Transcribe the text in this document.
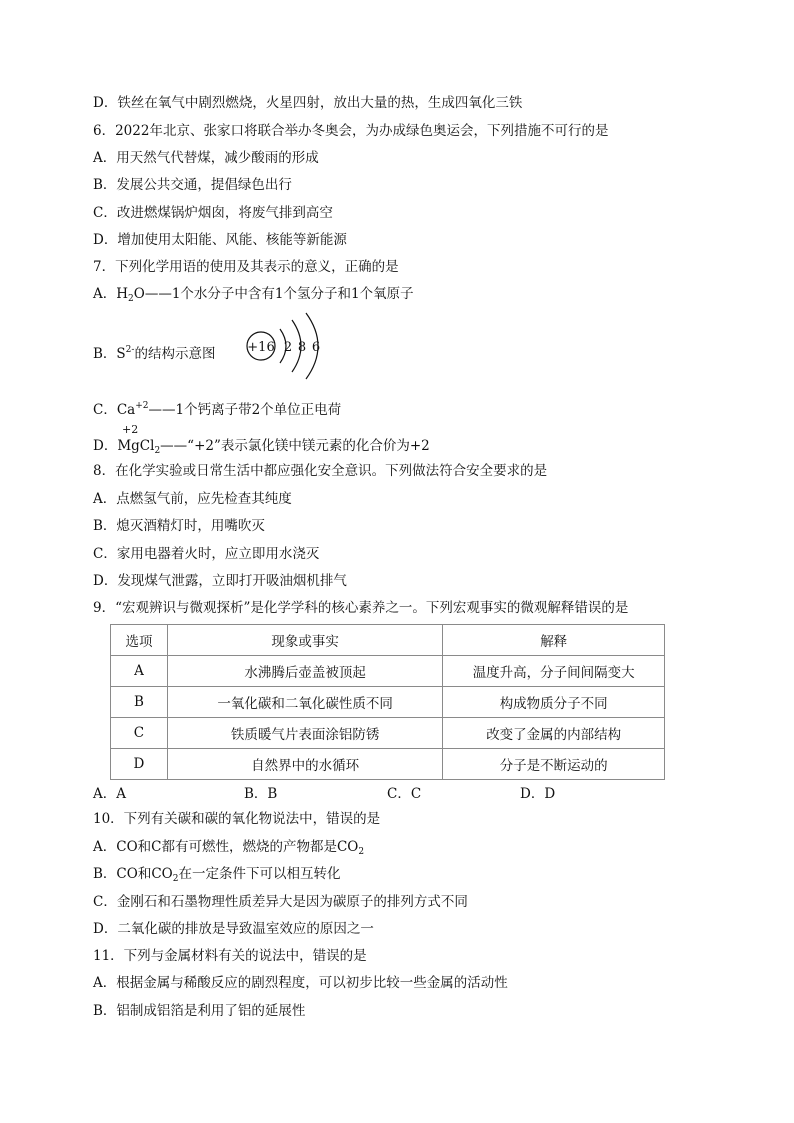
D．铁丝在氧气中剧烈燃烧，火星四射，放出大量的热，生成四氧化三铁
6．2022年北京、张家口将联合举办冬奥会，为办成绿色奥运会，下列措施不可行的是
A．用天然气代替煤，减少酸雨的形成
B．发展公共交通，提倡绿色出行
C．改进燃煤锅炉烟囱，将废气排到高空
D．增加使用太阳能、风能、核能等新能源
7．下列化学用语的使用及其表示的意义，正确的是
A．$H_2O——1$个水分子中含有1个氢分子和1个氧原子
B．$S^{2-}$的结构示意图 +16 2 8 6
C．$Ca^{+2}——1$个钙离子带2个单位正电荷
+2
D．MgCl$_2$——“+2”表示氯化镁中镁元素的化合价为+2
8．在化学实验或日常生活中都应强化安全意识。下列做法符合安全要求的是
A．点燃氢气前，应先检查其纯度
B．熄灭酒精灯时，用嘴吹灭
C．家用电器着火时，应立即用水浇灭
D．发现煤气泄露，立即打开吸油烟机排气
9．“宏观辨识与微观探析”是化学学科的核心素养之一。下列宏观事实的微观解释错误的是
选项	现象或事实	解释
A	水沸腾后壶盖被顶起	温度升高，分子间间隔变大
B	一氧化碳和二氧化碳性质不同	构成物质分子不同
C	铁质暖气片表面涂铝防锈	改变了金属的内部结构
D	自然界中的水循环	分子是不断运动的
A．A	B．B	C．C	D．D
10．下列有关碳和碳的氧化物说法中，错误的是
A．CO和C都有可燃性，燃烧的产物都是$CO_2$
B．CO和$CO_2$在一定条件下可以相互转化
C．金刚石和石墨物理性质差异大是因为碳原子的排列方式不同
D．二氧化碳的排放是导致温室效应的原因之一
11．下列与金属材料有关的说法中，错误的是
A．根据金属与稀酸反应的剧烈程度，可以初步比较一些金属的活动性
B．铝制成铝箔是利用了铝的延展性
